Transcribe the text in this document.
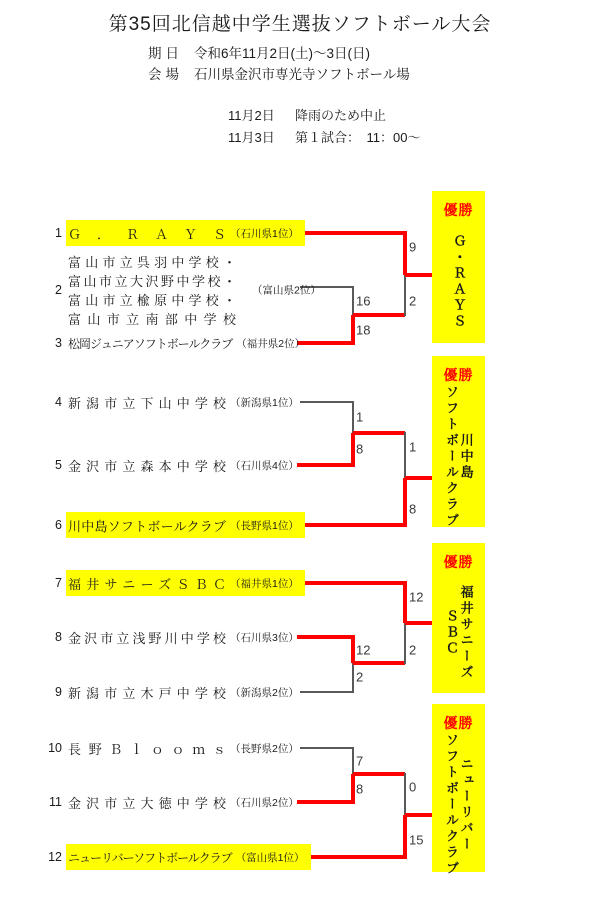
第35回北信越中学生選抜ソフトボール大会
期日 令和6年11月2日(土)～3日(日)
会場 石川県金沢市専光寺ソフトボール場
11月2日	降雨のため中止
11月3日	第１試合：　11：00～
9
2
16
18
1
8	1
8
12
2
12
2
7
8	0
15
1 Ｇ．ＲＡＹＳ （石川県1位）
2
富山市立呉羽中学校・
富山市立大沢野中学校・
富山市立楡原中学校・
富山市立南部中学校
（富山県2位）
3 松岡ジュニアソフトボールクラブ （福井県2位）
4 新潟市立下山中学校 （新潟県1位）
5 金沢市立森本中学校 （石川県4位）
6 川中島ソフトボールクラブ （長野県1位）
7 福井サニーズＳＢＣ （福井県1位）
8 金沢市立浅野川中学校 （石川県3位）
9 新潟市立木戸中学校 （新潟県2位）
10 長野Ｂｌｏｏｍｓ （長野県2位）
11 金沢市立大徳中学校 （石川県2位）
12 ニューリバーソフトボールクラブ （富山県1位）
優勝
Ｇ・ＲＡＹＳ
優勝
川中島
ソフトボールクラブ
優勝
福井サニーズ
ＳＢＣ
優勝
ニューリバー
ソフトボールクラブ
